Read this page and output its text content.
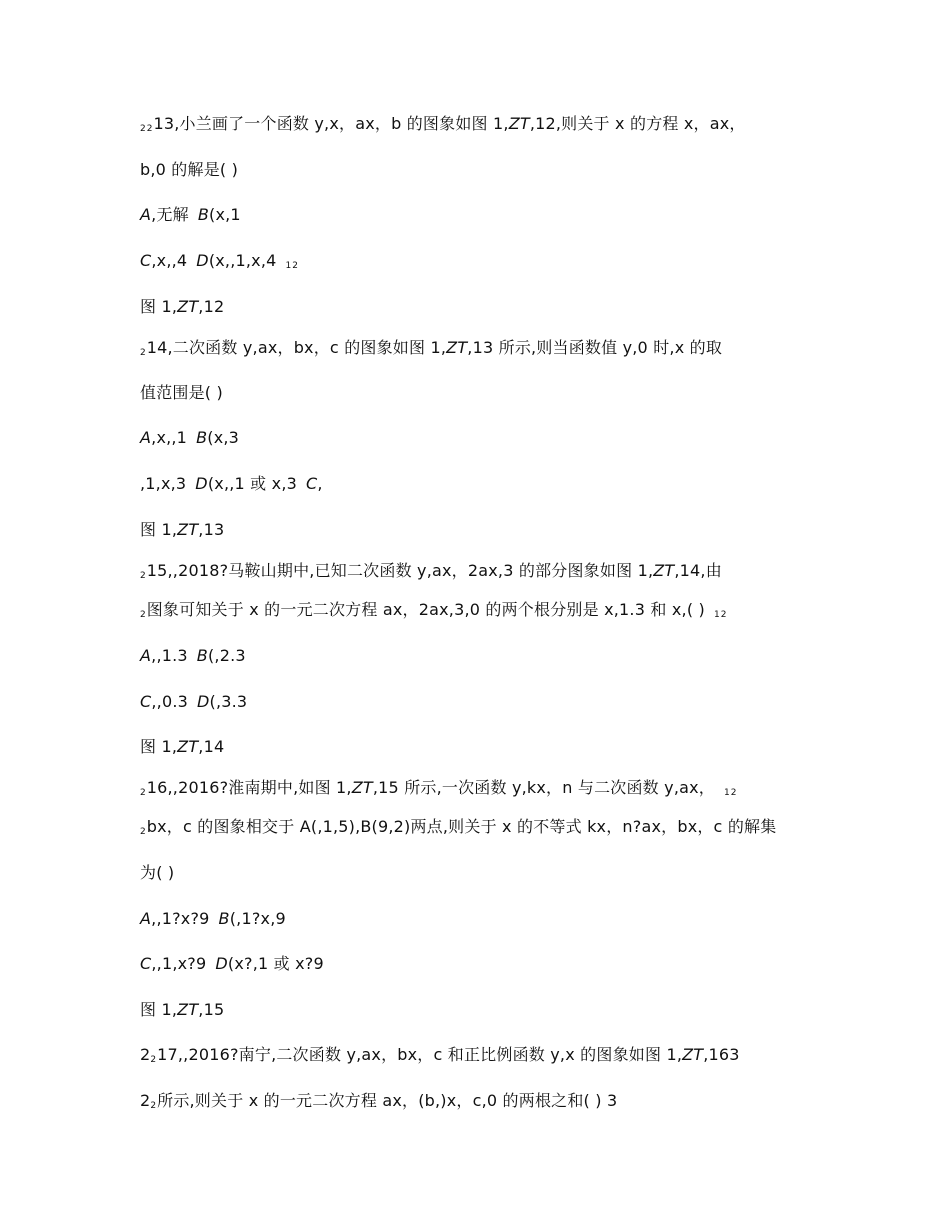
2213,小兰画了一个函数 y,x，ax，b 的图象如图 1,ZT,12,则关于 x 的方程 x，ax，
b,0 的解是( )
A,无解 B(x,1
C,x,,4 D(x,,1,x,4 12
图 1,ZT,12
214,二次函数 y,ax，bx，c 的图象如图 1,ZT,13 所示,则当函数值 y,0 时,x 的取
值范围是( )
A,x,,1 B(x,3
,1,x,3 D(x,,1 或 x,3 C,
图 1,ZT,13
215,,2018?马鞍山期中,已知二次函数 y,ax，2ax,3 的部分图象如图 1,ZT,14,由
2图象可知关于 x 的一元二次方程 ax，2ax,3,0 的两个根分别是 x,1.3 和 x,( ) 12
A,,1.3 B(,2.3
C,,0.3 D(,3.3
图 1,ZT,14
216,,2016?淮南期中,如图 1,ZT,15 所示,一次函数 y,kx，n 与二次函数 y,ax， 12
2bx，c 的图象相交于 A(,1,5),B(9,2)两点,则关于 x 的不等式 kx，n?ax，bx，c 的解集
为( )
A,,1?x?9 B(,1?x,9
C,,1,x?9 D(x?,1 或 x?9
图 1,ZT,15
2217,,2016?南宁,二次函数 y,ax，bx，c 和正比例函数 y,x 的图象如图 1,ZT,163
22所示,则关于 x 的一元二次方程 ax，(b,)x，c,0 的两根之和( ) 3
